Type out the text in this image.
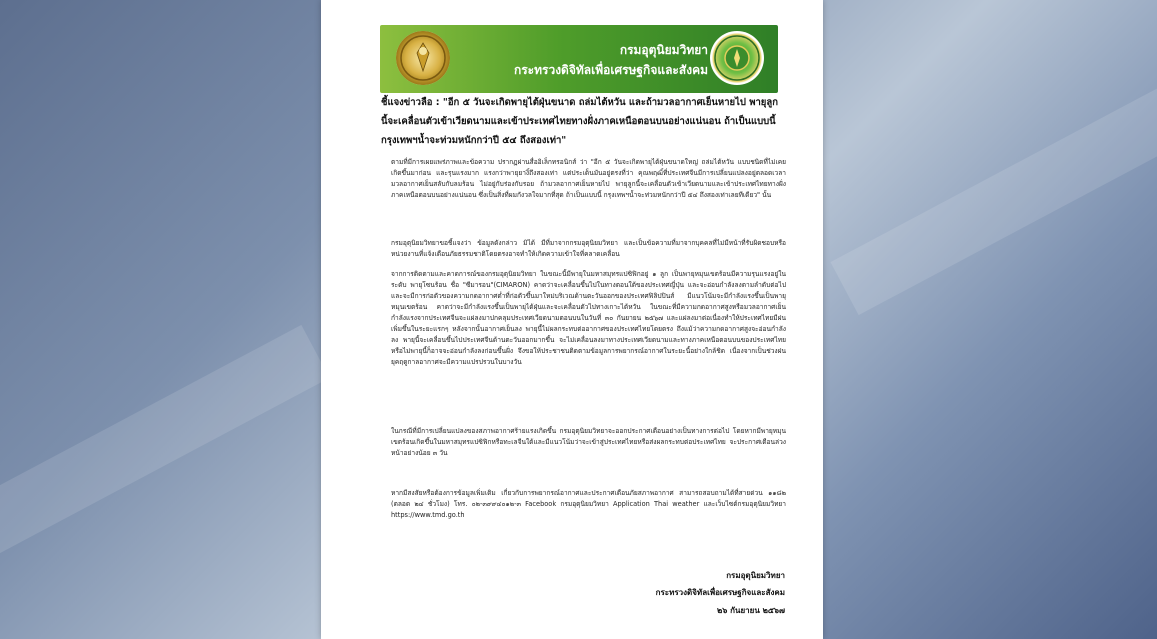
กรมอุตุนิยมวิทยา
กระทรวงดิจิทัลเพื่อเศรษฐกิจและสังคม
ชี้แจงข่าวลือ : "อีก ๕ วันจะเกิดพายุไต้ฝุ่นขนาด ถล่มไต้หวัน และถ้ามวลอากาศเย็นหายไป พายุลูกนี้จะเคลื่อนตัวเข้าเวียดนามและเข้าประเทศไทยทางฝั่งภาคเหนือตอนบนอย่างแน่นอน ถ้าเป็นแบบนี้ กรุงเทพฯน้ำจะท่วมหนักกว่าปี ๕๔ ถึงสองเท่า"
ตามที่มีการเผยแพร่ภาพและข้อความ ปรากฏผ่านสื่ออิเล็กทรอนิกส์ ว่า "อีก ๕ วันจะเกิดพายุไต้ฝุ่นขนาดใหญ่ ถล่มไต้หวัน แบบชนิดที่ไม่เคยเกิดขึ้นมาก่อน และรุนแรงมาก แรงกว่าพายุยางิ์ถึงสองเท่า แต่ประเด็นมันอยู่ตรงที่ว่า คุณพฤฒิ์ที่ประเทศจีนมีการเปลี่ยนแปลงอยู่ตลอดเวลา มวลอากาศเย็นสลับกับลมร้อน ไม่อยู่กับร่องกับรอย ถ้ามวลอากาศเย็นหายไป พายุลูกนี้จะเคลื่อนตัวเข้าเวียดนามและเข้าประเทศไทยทางฝั่งภาคเหนือตอนบนอย่างแน่นอน ซึ่งเป็นสิ่งที่ผมกังวลใจมากที่สุด ถ้าเป็นแบบนี้ กรุงเทพฯน้ำจะท่วมหนักกว่าปี ๕๔ ถึงสองเท่าเลยทีเดียว" นั้น
กรมอุตุนิยมวิทยาขอชี้แจงว่า ข้อมูลดังกล่าว มิได้ มีที่มาจากกรมอุตุนิยมวิทยา และเป็นข้อความที่มาจากบุคคลที่ไม่มีหน้าที่รับผิดชอบหรือหน่วยงานที่แจ้งเตือนภัยธรรมชาติโดยตรงอาจทำให้เกิดความเข้าใจที่คลาดเคลื่อน
จากการติดตามและคาดการณ์ของกรมอุตุนิยมวิทยา ในขณะนี้มีพายุในมหาสมุทรแปซิฟิกอยู่ ๑ ลูก เป็นพายุหมุนเขตร้อนมีความรุนแรงอยู่ในระดับ พายุโซนร้อน ชื่อ "ซีมารอน"(CIMARON) คาดว่าจะเคลื่อนขึ้นไปในทางตอนใต้ของประเทศญี่ปุ่น และจะอ่อนกำลังลงตามลำดับต่อไป และจะมีการก่อตัวของความกดอากาศต่ำที่ก่อตัวขึ้นมาใหม่บริเวณด้านตะวันออกของประเทศฟิลิปปินส์ มีแนวโน้มจะมีกำลังแรงขึ้นเป็นพายุหมุนเขตร้อน คาดว่าจะมีกำลังแรงขึ้นเป็นพายุไต้ฝุ่นและจะเคลื่อนตัวไปทางเกาะไต้หวัน ในขณะที่มีความกดอากาศสูงหรือมวลอากาศเย็นกำลังแรงจากประเทศจีนจะแผ่ลงมาปกคลุมประเทศเวียดนามตอนบนในวันที่ ๓๐ กันยายน ๒๕๖๗ และแผ่ลงมาต่อเนื่องทำให้ประเทศไทยมีฝนเพิ่มขึ้นในระยะแรกๆ หลังจากนั้นอากาศเย็นลง พายุนี้ไม่ผลกระทบต่ออากาศของประเทศไทยโดยตรง ถึงแม้ว่าความกดอากาศสูงจะอ่อนกำลังลง พายุนี้จะเคลื่อนขึ้นไปประเทศจีนด้านตะวันออกมากขึ้น จะไม่เคลื่อนลงมาทางประเทศเวียดนามและทางภาคเหนือตอนบนของประเทศไทย หรือไม่พายุนี้ก็อาจจะอ่อนกำลังลงก่อนขึ้นฝั่ง จึงขอให้ประชาชนติดตามข้อมูลการพยากรณ์อากาศในระยะนี้อย่างใกล้ชิด เนื่องจากเป็นช่วงฝนยุคฤดูกาลอากาศจะมีความแปรปรวนในบางวัน
ในกรณีที่มีการเปลี่ยนแปลงของสภาพอากาศร้ายแรงเกิดขึ้น กรมอุตุนิยมวิทยาจะออกประกาศเตือนอย่างเป็นทางการต่อไป โดยหากมีพายุหมุนเขตร้อนเกิดขึ้นในมหาสมุทรแปซิฟิกหรือทะเลจีนใต้และมีแนวโน้มว่าจะเข้าสู่ประเทศไทยหรือส่งผลกระทบต่อประเทศไทย จะประกาศเตือนล่วงหน้าอย่างน้อย ๓ วัน
หากมีสงสัยหรือต้องการข้อมูลเพิ่มเติม เกี่ยวกับการพยากรณ์อากาศและประกาศเตือนภัยสภาพอากาศ สามารถสอบถามได้ที่สายด่วน ๑๑๘๒ (ตลอด ๒๔ ชั่วโมง) โทร. ๐๒-๓๙๙๔๐๑๒-๓ Facebook กรมอุตุนิยมวิทยา Application Thai weather และเว็บไซต์กรมอุตุนิยมวิทยา https://www.tmd.go.th
กรมอุตุนิยมวิทยา
กระทรวงดิจิทัลเพื่อเศรษฐกิจและสังคม
๒๖ กันยายน ๒๕๖๗
